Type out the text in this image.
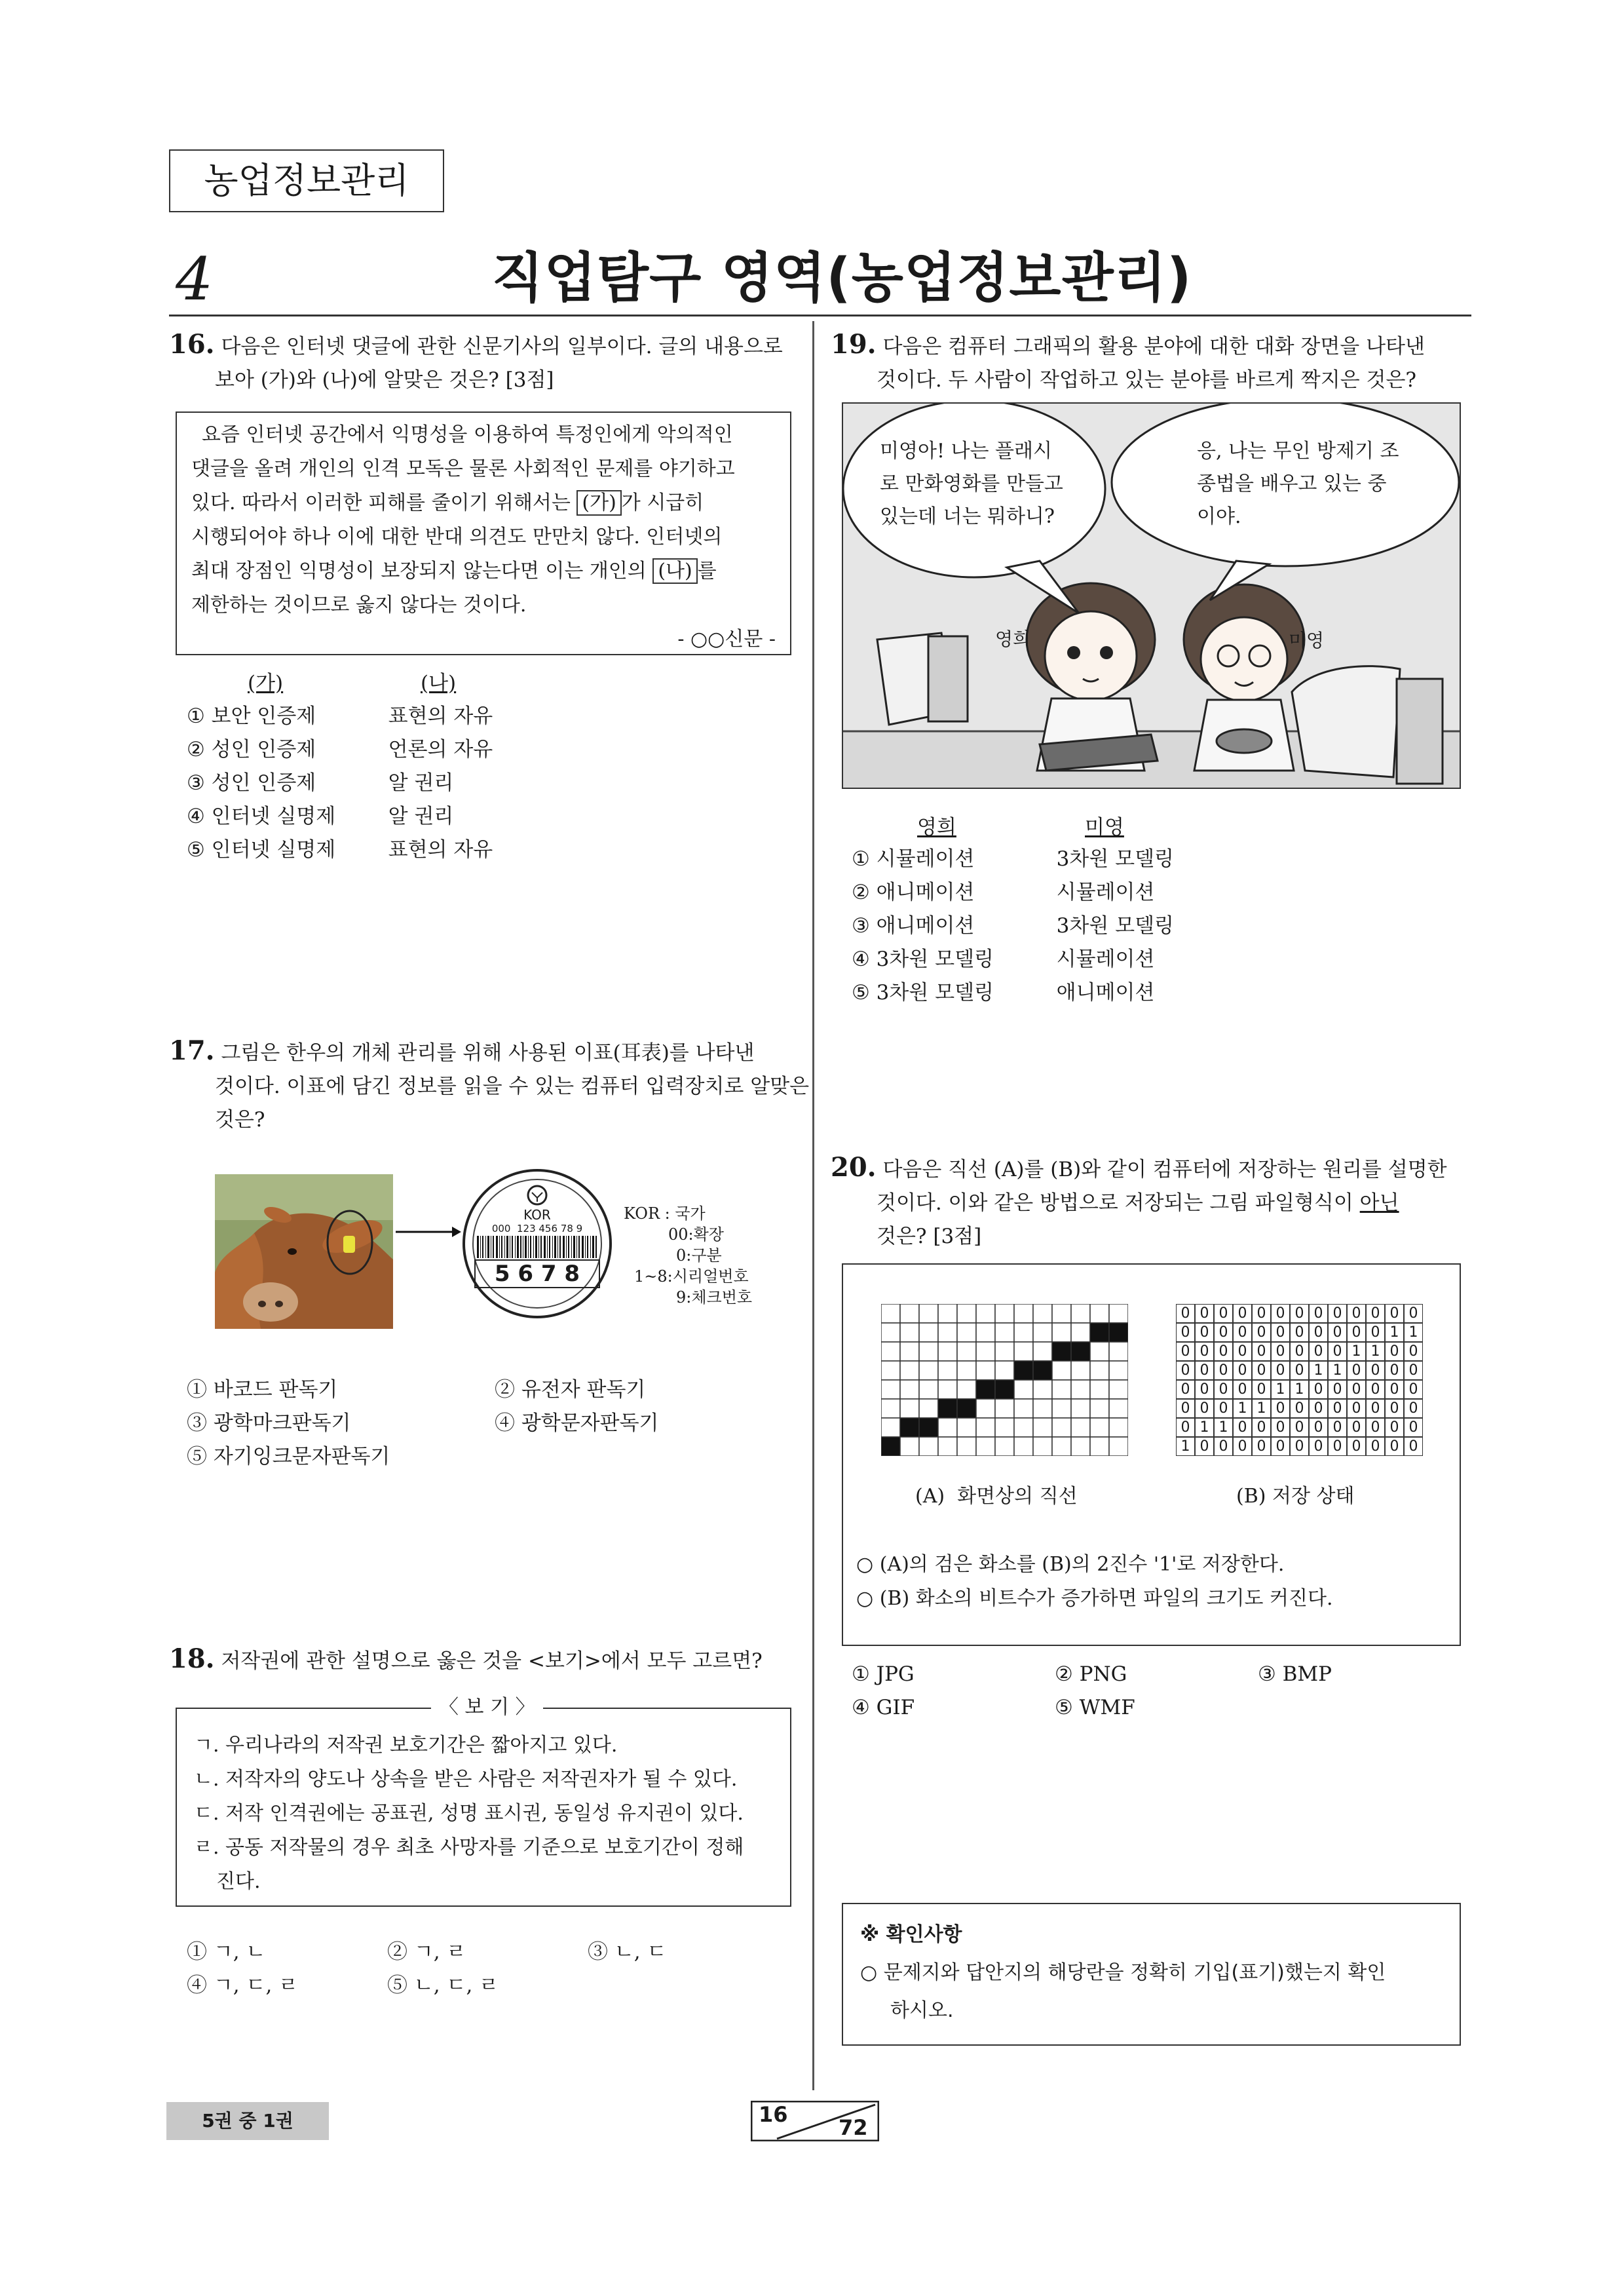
농업정보관리
4	직업탐구 영역(농업정보관리)
16. 다음은 인터넷 댓글에 관한 신문기사의 일부이다. 글의 내용으로
보아 (가)와 (나)에 알맞은 것은? [3점]
요즘 인터넷 공간에서 익명성을 이용하여 특정인에게 악의적인
댓글을 올려 개인의 인격 모독은 물론 사회적인 문제를 야기하고
있다. 따라서 이러한 피해를 줄이기 위해서는 (가) 가 시급히
시행되어야 하나 이에 대한 반대 의견도 만만치 않다. 인터넷의
최대 장점인 익명성이 보장되지 않는다면 이는 개인의 (나) 를
제한하는 것이므로 옳지 않다는 것이다.
- ○○신문 -
(가)	(나)
① 보안 인증제	표현의 자유
② 성인 인증제	언론의 자유
③ 성인 인증제	알 권리
④ 인터넷 실명제	알 권리
⑤ 인터넷 실명제	표현의 자유
17. 그림은 한우의 개체 관리를 위해 사용된 이표(耳表)를 나타낸
것이다. 이표에 담긴 정보를 읽을 수 있는 컴퓨터 입력장치로 알맞은
것은?
KOR
000  123 456 78 9
5 6 7 8
KOR : 국가
00:확장
0:구분
1~8:시리얼번호
9:체크번호
① 바코드 판독기	② 유전자 판독기
③ 광학마크판독기	④ 광학문자판독기
⑤ 자기잉크문자판독기
18. 저작권에 관한 설명으로 옳은 것을 <보기>에서 모두 고르면?
ㄱ. 우리나라의 저작권 보호기간은 짧아지고 있다.
ㄴ. 저작자의 양도나 상속을 받은 사람은 저작권자가 될 수 있다.
ㄷ. 저작 인격권에는 공표권, 성명 표시권, 동일성 유지권이 있다.
ㄹ. 공동 저작물의 경우 최초 사망자를 기준으로 보호기간이 정해
진다.
〈 보 기 〉
① ㄱ, ㄴ	② ㄱ, ㄹ	③ ㄴ, ㄷ
④ ㄱ, ㄷ, ㄹ	⑤ ㄴ, ㄷ, ㄹ
19. 다음은 컴퓨터 그래픽의 활용 분야에 대한 대화 장면을 나타낸
것이다. 두 사람이 작업하고 있는 분야를 바르게 짝지은 것은?
미영아! 나는 플래시
로 만화영화를 만들고
있는데 너는 뭐하니?
응, 나는 무인 방제기 조
종법을 배우고 있는 중
이야.
영희	미영
영희	미영
① 시뮬레이션	3차원 모델링
② 애니메이션	시뮬레이션
③ 애니메이션	3차원 모델링
④ 3차원 모델링	시뮬레이션
⑤ 3차원 모델링	애니메이션
20. 다음은 직선 (A)를 (B)와 같이 컴퓨터에 저장하는 원리를 설명한
것이다. 이와 같은 방법으로 저장되는 그림 파일형식이 아닌
것은? [3점]
0 0 0 0 0 0 0 0 0 0 0 0 0
0 0 0 0 0 0 0 0 0 0 0 1 1
0 0 0 0 0 0 0 0 0 1 1 0 0
0 0 0 0 0 0 0 1 1 0 0 0 0
0 0 0 0 0 1 1 0 0 0 0 0 0
0 0 0 1 1 0 0 0 0 0 0 0 0
0 1 1 0 0 0 0 0 0 0 0 0 0
1 0 0 0 0 0 0 0 0 0 0 0 0
(A)  화면상의 직선	(B) 저장 상태
○ (A)의 검은 화소를 (B)의 2진수 '1'로 저장한다.
○ (B) 화소의 비트수가 증가하면 파일의 크기도 커진다.
① JPG	② PNG	③ BMP
④ GIF	⑤ WMF
※ 확인사항
○ 문제지와 답안지의 해당란을 정확히 기입(표기)했는지 확인
하시오.
5권 중 1권	16
72
